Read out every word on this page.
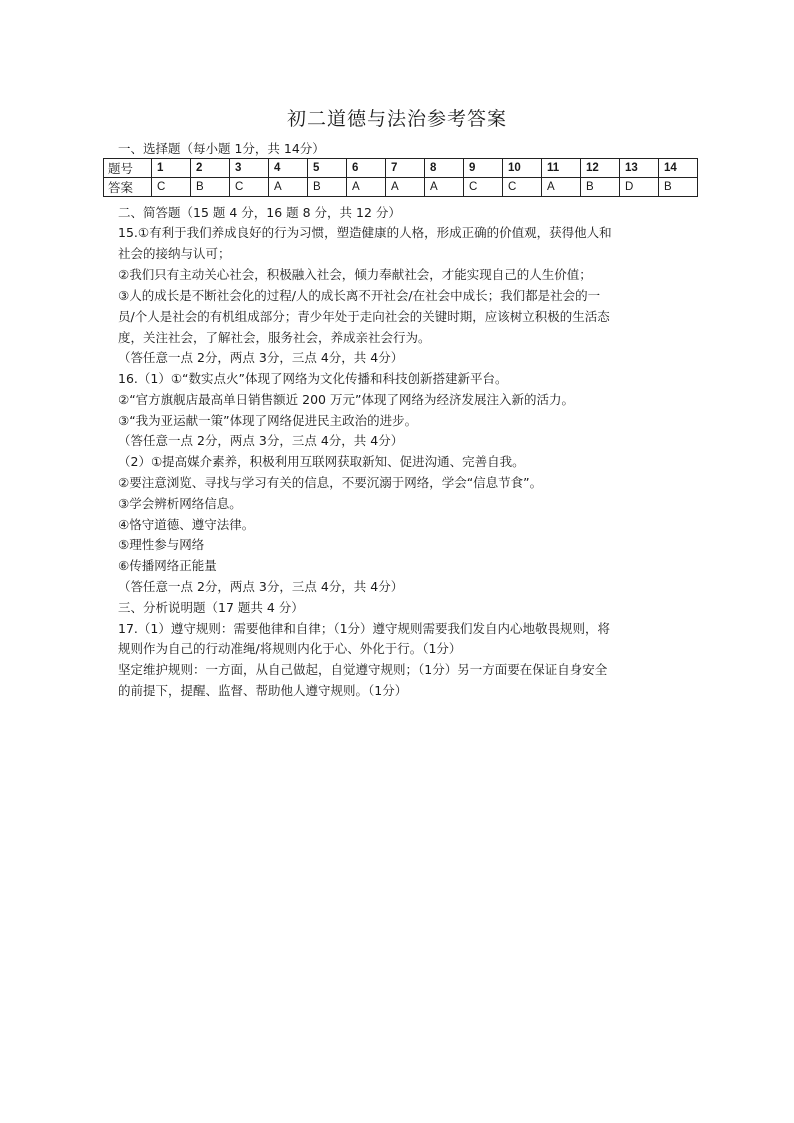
初二道德与法治参考答案
一、选择题（每小题 1分，共 14分）
题号	1	2	3	4	5	6	7	8	9	10	11	12	13	14
答案	C	B	C	A	B	A	A	A	C	C	A	B	D	B
二、简答题（15 题 4 分，16 题 8 分，共 12 分）
15.①有利于我们养成良好的行为习惯，塑造健康的人格，形成正确的价值观，获得他人和
社会的接纳与认可；
②我们只有主动关心社会，积极融入社会，倾力奉献社会，才能实现自己的人生价值；
③人的成长是不断社会化的过程/人的成长离不开社会/在社会中成长；我们都是社会的一
员/个人是社会的有机组成部分；青少年处于走向社会的关键时期，应该树立积极的生活态
度，关注社会，了解社会，服务社会，养成亲社会行为。
（答任意一点 2分，两点 3分，三点 4分，共 4分）
16.（1）①“数实点火”体现了网络为文化传播和科技创新搭建新平台。
②“官方旗舰店最高单日销售额近 200 万元”体现了网络为经济发展注入新的活力。
③“我为亚运献一策”体现了网络促进民主政治的进步。
（答任意一点 2分，两点 3分，三点 4分，共 4分）
（2）①提高媒介素养，积极利用互联网获取新知、促进沟通、完善自我。
②要注意浏览、寻找与学习有关的信息，不要沉溺于网络，学会“信息节食”。
③学会辨析网络信息。
④恪守道德、遵守法律。
⑤理性参与网络
⑥传播网络正能量
（答任意一点 2分，两点 3分，三点 4分，共 4分）
三、分析说明题（17 题共 4 分）
17.（1）遵守规则：需要他律和自律；（1分）遵守规则需要我们发自内心地敬畏规则，将
规则作为自己的行动准绳/将规则内化于心、外化于行。（1分）
坚定维护规则：一方面，从自己做起，自觉遵守规则；（1分）另一方面要在保证自身安全
的前提下，提醒、监督、帮助他人遵守规则。（1分）
